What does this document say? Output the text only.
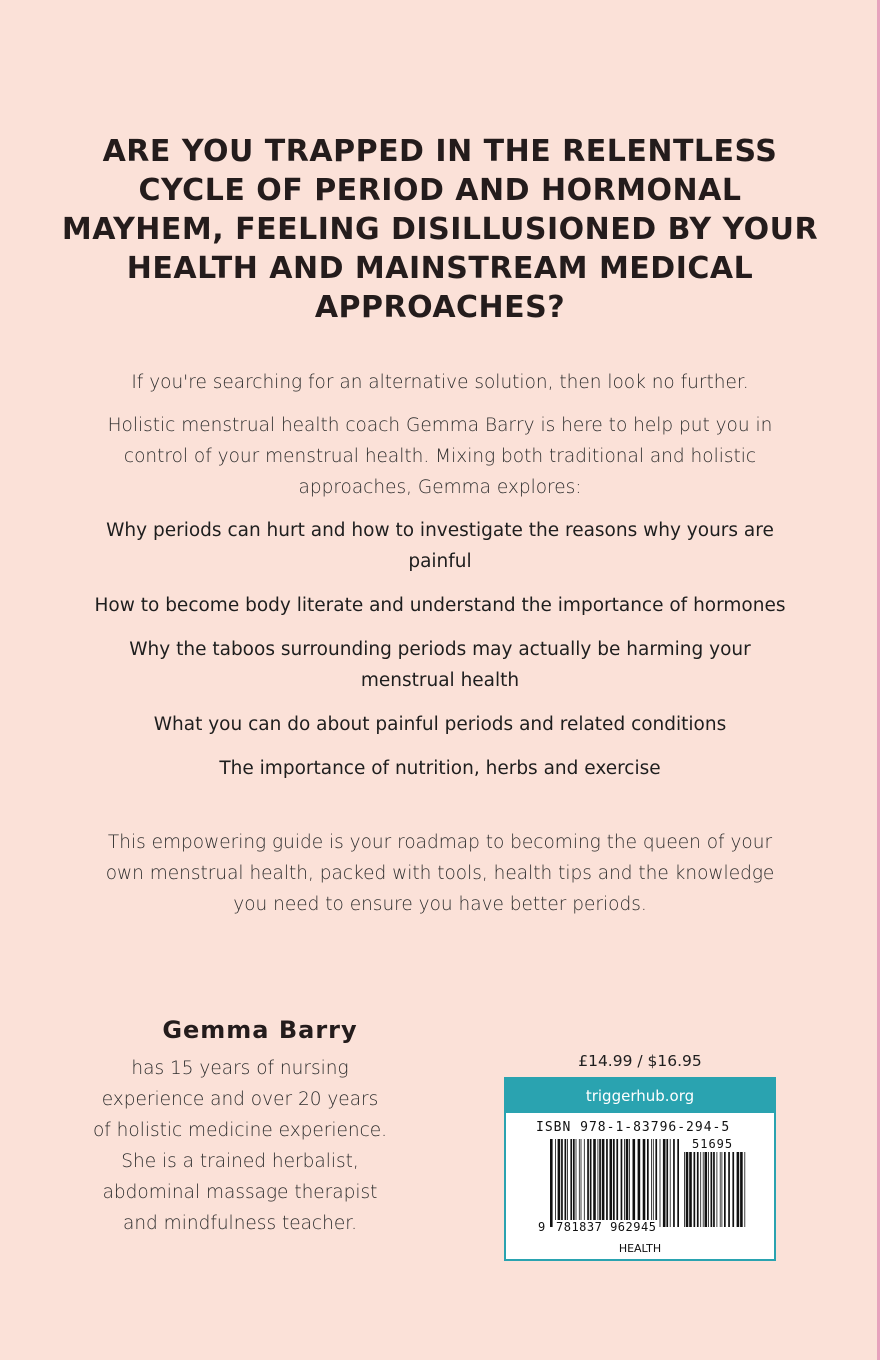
ARE YOU TRAPPED IN THE RELENTLESS CYCLE OF PERIOD AND HORMONAL MAYHEM, FEELING DISILLUSIONED BY YOUR HEALTH AND MAINSTREAM MEDICAL APPROACHES?

If you're searching for an alternative solution, then look no further.

Holistic menstrual health coach Gemma Barry is here to help put you in control of your menstrual health. Mixing both traditional and holistic approaches, Gemma explores:

Why periods can hurt and how to investigate the reasons why yours are painful
How to become body literate and understand the importance of hormones
Why the taboos surrounding periods may actually be harming your menstrual health
What you can do about painful periods and related conditions
The importance of nutrition, herbs and exercise

This empowering guide is your roadmap to becoming the queen of your own menstrual health, packed with tools, health tips and the knowledge you need to ensure you have better periods.

Gemma Barry

has 15 years of nursing experience and over 20 years of holistic medicine experience. She is a trained herbalist, abdominal massage therapist and mindfulness teacher.

£14.99 / $16.95
triggerhub.org
ISBN 978-1-83796-294-5
51695
9 781837 962945
HEALTH
